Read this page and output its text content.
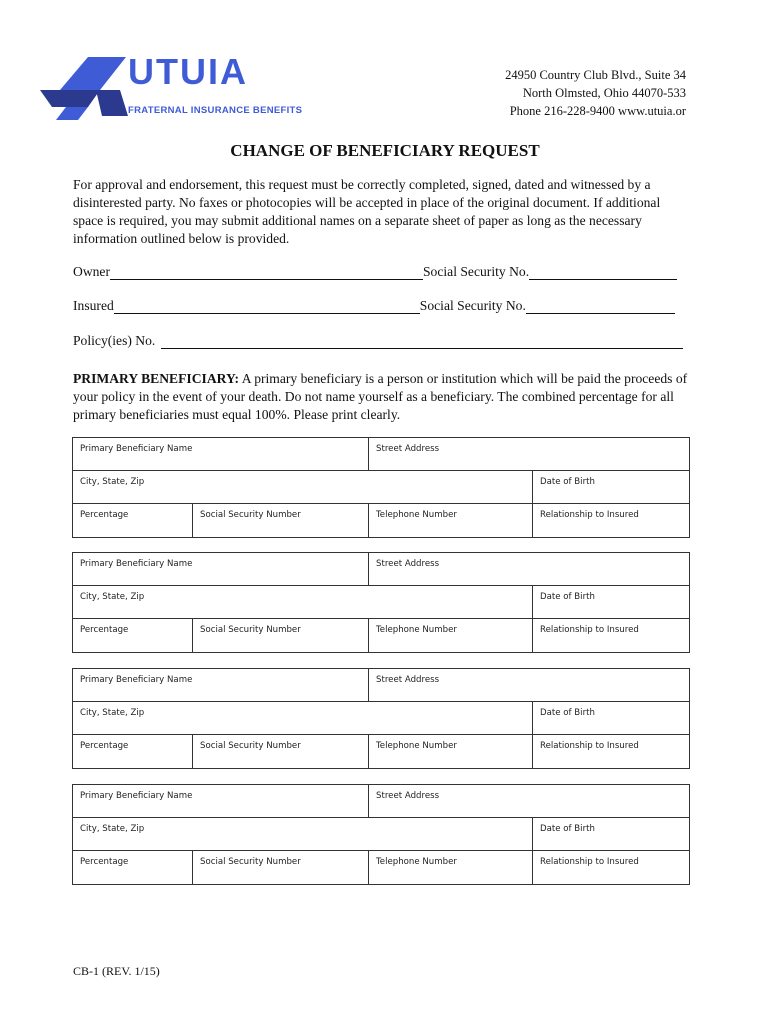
UTUIA
FRATERNAL INSURANCE BENEFITS
24950 Country Club Blvd., Suite 34
North Olmsted, Ohio 44070-533
Phone 216-228-9400 www.utuia.or
CHANGE OF BENEFICIARY REQUEST
For approval and endorsement, this request must be correctly completed, signed, dated and witnessed by a disinterested party. No faxes or photocopies will be accepted in place of the original document. If additional space is required, you may submit additional names on a separate sheet of paper as long as the necessary information outlined below is provided.
Owner	Social Security No.
Insured	Social Security No.
Policy(ies) No.
PRIMARY BENEFICIARY: A primary beneficiary is a person or institution which will be paid the proceeds of your policy in the event of your death. Do not name yourself as a beneficiary. The combined percentage for all primary beneficiaries must equal 100%. Please print clearly.
Primary Beneficiary Name	Street Address
City, State, Zip	Date of Birth
Percentage	Social Security Number	Telephone Number	Relationship to Insured
Primary Beneficiary Name	Street Address
City, State, Zip	Date of Birth
Percentage	Social Security Number	Telephone Number	Relationship to Insured
Primary Beneficiary Name	Street Address
City, State, Zip	Date of Birth
Percentage	Social Security Number	Telephone Number	Relationship to Insured
Primary Beneficiary Name	Street Address
City, State, Zip	Date of Birth
Percentage	Social Security Number	Telephone Number	Relationship to Insured
CB-1 (REV. 1/15)
